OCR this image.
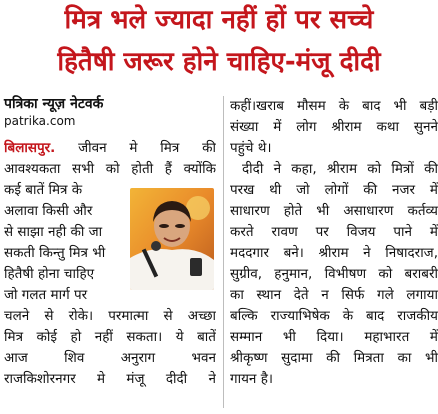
मित्र भले ज्यादा नहीं हों पर सच्चे
हितैषी जरूर होने चाहिए-मंजू दीदी
पत्रिका न्यूज़ नेटवर्क
patrika.com
बिलासपुर. जीवन मे मित्र की
आवश्यकता सभी को होती हैं क्योंकि
कई बातें मित्र के
अलावा किसी और
से साझा नही की जा
सकती किन्तु मित्र भी
हितैषी होना चाहिए
जो गलत मार्ग पर
चलने से रोके। परमात्मा से अच्छा
मित्र कोई हो नहीं सकता। ये बातें
आज शिव अनुराग भवन
राजकिशोरनगर मे मंजू दीदी ने
कहीं।खराब मौसम के बाद भी बड़ी
संख्या में लोग श्रीराम कथा सुनने
पहुंचे थे।
दीदी ने कहा, श्रीराम को मित्रों की
परख थी जो लोगों की नजर में
साधारण होते भी असाधारण कर्तव्य
करते रावण पर विजय पाने में
मददगार बने। श्रीराम ने निषादराज,
सुग्रीव, हनुमान, विभीषण को बराबरी
का स्थान देते न सिर्फ गले लगाया
बल्कि राज्याभिषेक के बाद राजकीय
सम्मान भी दिया। महाभारत में
श्रीकृष्ण सुदामा की मित्रता का भी
गायन है।
